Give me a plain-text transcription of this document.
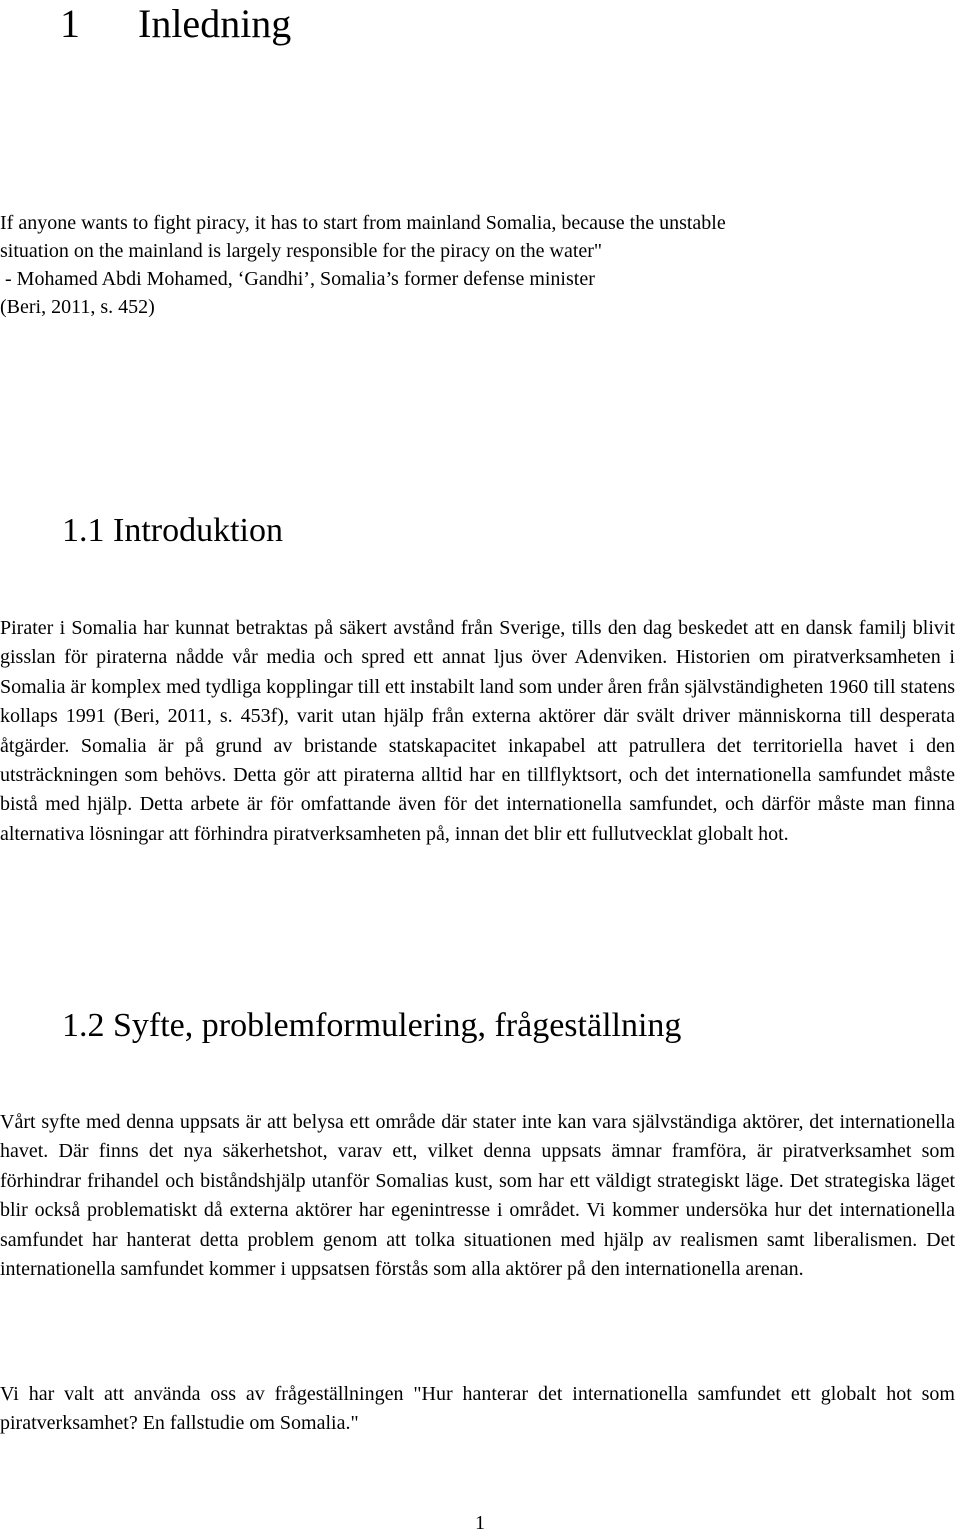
1 Inledning
If anyone wants to fight piracy, it has to start from mainland Somalia, because the unstable
situation on the mainland is largely responsible for the piracy on the water"
- Mohamed Abdi Mohamed, ‘Gandhi’, Somalia’s former defense minister
(Beri, 2011, s. 452)
1.1 Introduktion

Pirater i Somalia har kunnat betraktas på säkert avstånd från Sverige, tills den dag beskedet att en dansk familj blivit gisslan för piraterna nådde vår media och spred ett annat ljus över Adenviken. Historien om piratverksamheten i Somalia är komplex med tydliga kopplingar till ett instabilt land som under åren från självständigheten 1960 till statens kollaps 1991 (Beri, 2011, s. 453f), varit utan hjälp från externa aktörer där svält driver människorna till desperata åtgärder. Somalia är på grund av bristande statskapacitet inkapabel att patrullera det territoriella havet i den utsträckningen som behövs. Detta gör att piraterna alltid har en tillflyktsort, och det internationella samfundet måste bistå med hjälp. Detta arbete är för omfattande även för det internationella samfundet, och därför måste man finna alternativa lösningar att förhindra piratverksamheten på, innan det blir ett fullutvecklat globalt hot.

1.2 Syfte, problemformulering, frågeställning

Vårt syfte med denna uppsats är att belysa ett område där stater inte kan vara självständiga aktörer, det internationella havet. Där finns det nya säkerhetshot, varav ett, vilket denna uppsats ämnar framföra, är piratverksamhet som förhindrar frihandel och biståndshjälp utanför Somalias kust, som har ett väldigt strategiskt läge. Det strategiska läget blir också problematiskt då externa aktörer har egenintresse i området. Vi kommer undersöka hur det internationella samfundet har hanterat detta problem genom att tolka situationen med hjälp av realismen samt liberalismen. Det internationella samfundet kommer i uppsatsen förstås som alla aktörer på den internationella arenan.

Vi har valt att använda oss av frågeställningen "Hur hanterar det internationella samfundet ett globalt hot som piratverksamhet? En fallstudie om Somalia."

1
